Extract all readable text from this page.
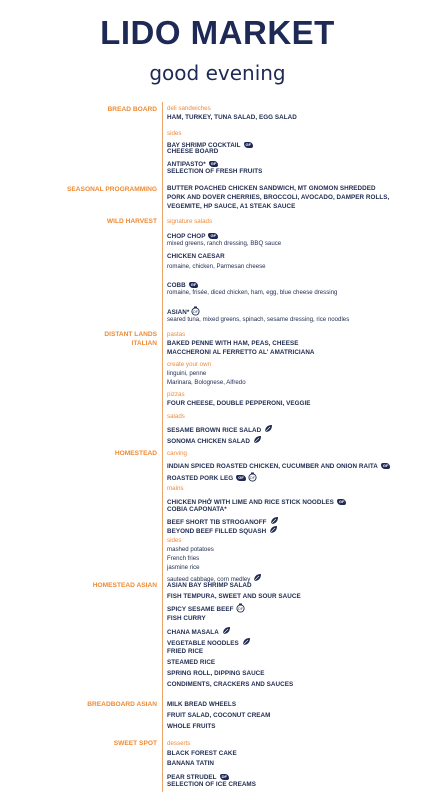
LIDO MARKET
good evening
BREAD BOARD
SEASONAL PROGRAMMING
WILD HARVEST
DISTANT LANDS
ITALIAN
HOMESTEAD
HOMESTEAD ASIAN
BREADBOARD ASIAN
SWEET SPOT
deli sandwiches
HAM, TURKEY, TUNA SALAD, EGG SALAD
sides
BAY SHRIMP COCKTAIL GF
CHEESE BOARD
ANTIPASTO* GF
SELECTION OF FRESH FRUITS
BUTTER POACHED CHICKEN SANDWICH, MT GNOMON SHREDDED
PORK AND DOVER CHERRIES, BROCCOLI, AVOCADO, DAMPER ROLLS,
VEGEMITE, HP SAUCE, A1 STEAK SAUCE
signature salads
CHOP CHOP GF
mixed greens, ranch dressing, BBQ sauce
CHICKEN CAESAR
romaine, chicken, Parmesan cheese
COBB GF
romaine, frisée, diced chicken, ham, egg, blue cheese dressing
ASIAN* DF
seared tuna, mixed greens, spinach, sesame dressing, rice noodles
pastas
BAKED PENNE WITH HAM, PEAS, CHEESE
MACCHERONI AL FERRETTO AL' AMATRICIANA
create your own
linguini, penne
Marinara, Bolognese, Alfredo
pizzas
FOUR CHEESE, DOUBLE PEPPERONI, VEGGIE
salads
SESAME BROWN RICE SALAD
SONOMA CHICKEN SALAD
carving
INDIAN SPICED ROASTED CHICKEN, CUCUMBER AND ONION RAITA GF
ROASTED PORK LEG GF DF
mains
CHICKEN PHỞ WITH LIME AND RICE STICK NOODLES GF
COBIA CAPONATA*
BEEF SHORT TIB STROGANOFF
BEYOND BEEF FILLED SQUASH
sides
mashed potatoes
French fries
jasmine rice
sauteed cabbage, corn medley
ASIAN BAY SHRIMP SALAD
FISH TEMPURA, SWEET AND SOUR SAUCE
SPICY SESAME BEEF DF
FISH CURRY
CHANA MASALA
VEGETABLE NOODLES
FRIED RICE
STEAMED RICE
SPRING ROLL, DIPPING SAUCE
CONDIMENTS, CRACKERS AND SAUCES
MILK BREAD WHEELS
FRUIT SALAD, COCONUT CREAM
WHOLE FRUITS
desserts
BLACK FOREST CAKE
BANANA TATIN
PEAR STRUDEL DF
SELECTION OF ICE CREAMS
